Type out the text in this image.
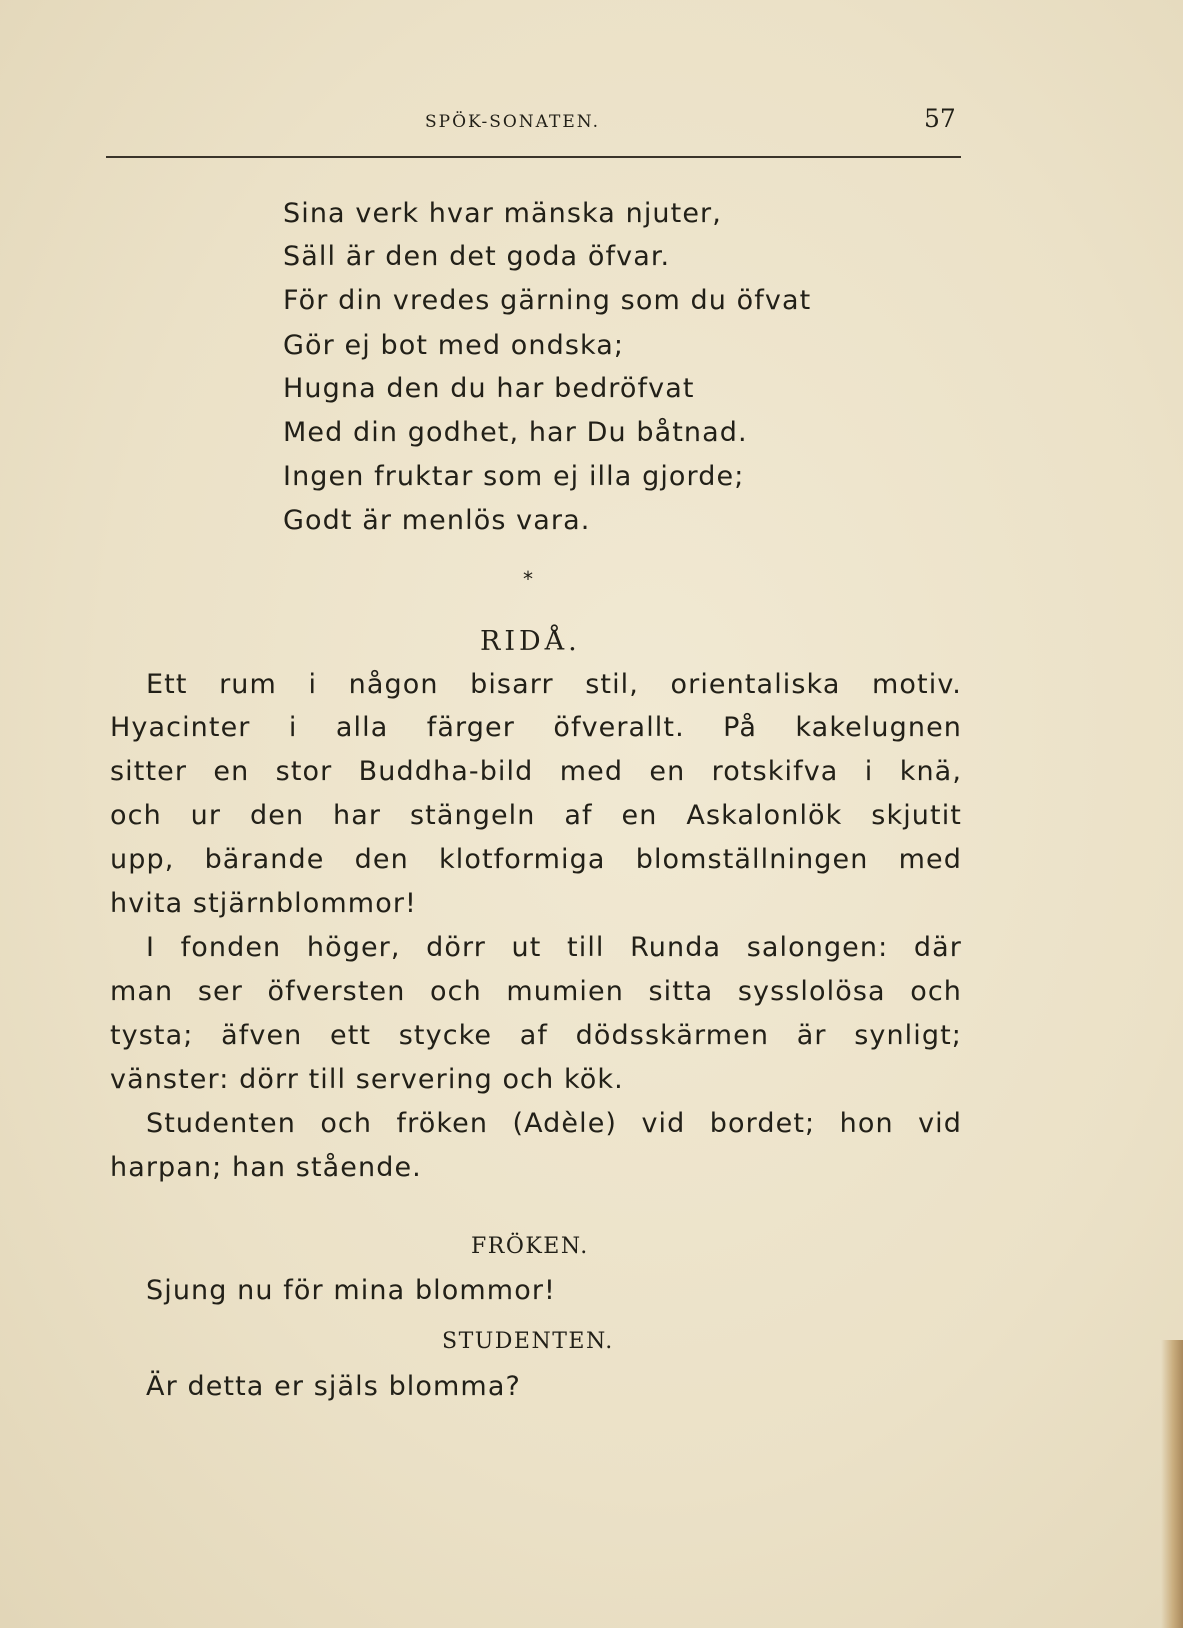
SPÖK-SONATEN.	57

Sina verk hvar mänska njuter,

Säll är den det goda öfvar.

För din vredes gärning som du öfvat

Gör ej bot med ondska;

Hugna den du har bedröfvat

Med din godhet, har Du båtnad.

Ingen fruktar som ej illa gjorde;

Godt är menlös vara.

*
RIDÅ.

Ett rum i någon bisarr stil, orientaliska motiv.

Hyacinter i alla färger öfverallt. På kakelugnen

sitter en stor Buddha-bild med en rotskifva i knä,

och ur den har stängeln af en Askalonlök skjutit

upp, bärande den klotformiga blomställningen med

hvita stjärnblommor!

I fonden höger, dörr ut till Runda salongen: där

man ser öfversten och mumien sitta sysslolösa och

tysta; äfven ett stycke af dödsskärmen är synligt;

vänster: dörr till servering och kök.

Studenten och fröken (Adèle) vid bordet; hon vid

harpan; han stående.

FRÖKEN.

Sjung nu för mina blommor!

STUDENTEN.

Är detta er själs blomma?
